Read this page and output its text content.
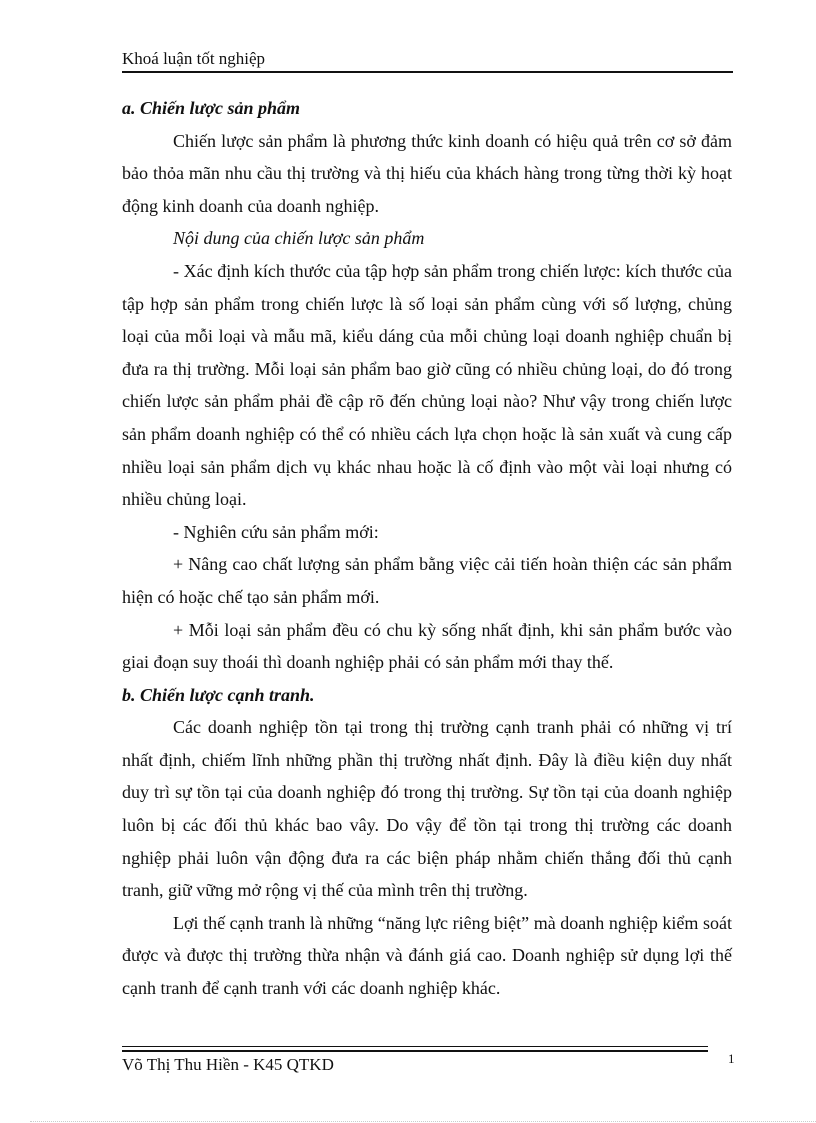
Khoá luận tốt nghiệp

a. Chiến lược sản phẩm

Chiến lược sản phẩm là phương thức kinh doanh có hiệu quả trên cơ sở đảm bảo thỏa mãn nhu cầu thị trường và thị hiếu của khách hàng trong từng thời kỳ hoạt động kinh doanh của doanh nghiệp.

Nội dung của chiến lược sản phẩm

- Xác định kích thước của tập hợp sản phẩm trong chiến lược: kích thước của tập hợp sản phẩm trong chiến lược là số loại sản phẩm cùng với số lượng, chủng loại của mỗi loại và mẫu mã, kiểu dáng của mỗi chủng loại doanh nghiệp chuẩn bị đưa ra thị trường. Mỗi loại sản phẩm bao giờ cũng có nhiều chủng loại, do đó trong chiến lược sản phẩm phải đề cập rõ đến chủng loại nào? Như vậy trong chiến lược sản phẩm doanh nghiệp có thể có nhiều cách lựa chọn hoặc là sản xuất và cung cấp nhiều loại sản phẩm dịch vụ khác nhau hoặc là cố định vào một vài loại nhưng có nhiều chủng loại.

- Nghiên cứu sản phẩm mới:

+ Nâng cao chất lượng sản phẩm bằng việc cải tiến hoàn thiện các sản phẩm hiện có hoặc chế tạo sản phẩm mới.

+ Mỗi loại sản phẩm đều có chu kỳ sống nhất định, khi sản phẩm bước vào giai đoạn suy thoái thì doanh nghiệp phải có sản phẩm mới thay thế.

b. Chiến lược cạnh tranh.

Các doanh nghiệp tồn tại trong thị trường cạnh tranh phải có những vị trí nhất định, chiếm lĩnh những phần thị trường nhất định. Đây là điều kiện duy nhất duy trì sự tồn tại của doanh nghiệp đó trong thị trường. Sự tồn tại của doanh nghiệp luôn bị các đối thủ khác bao vây. Do vậy để tồn tại trong thị trường các doanh nghiệp phải luôn vận động đưa ra các biện pháp nhằm chiến thắng đối thủ cạnh tranh, giữ vững mở rộng vị thế của mình trên thị trường.

Lợi thế cạnh tranh là những “năng lực riêng biệt” mà doanh nghiệp kiểm soát được và được thị trường thừa nhận và đánh giá cao. Doanh nghiệp sử dụng lợi thế cạnh tranh để cạnh tranh với các doanh nghiệp khác.

Võ Thị Thu Hiền - K45 QTKD	1
